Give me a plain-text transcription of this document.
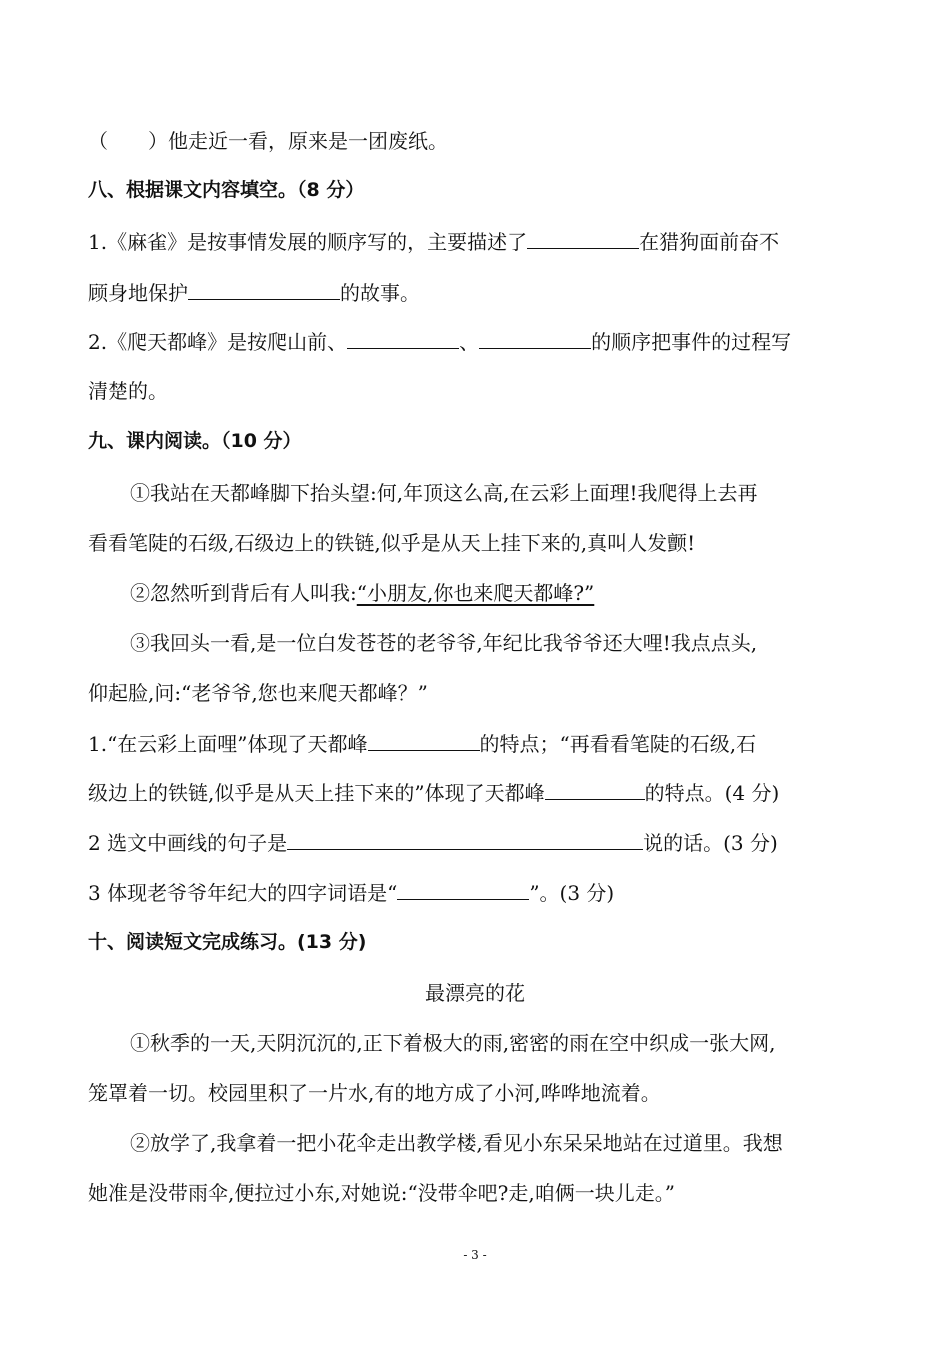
（　　）他走近一看，原来是一团废纸。
八、根据课文内容填空。（8 分）
1.《麻雀》是按事情发展的顺序写的，主要描述了	在猎狗面前奋不
顾身地保护	的故事。
2.《爬天都峰》是按爬山前、	、	的顺序把事件的过程写
清楚的。
九、课内阅读。（10 分）
①我站在天都峰脚下抬头望:何,年顶这么高,在云彩上面理!我爬得上去再
看看笔陡的石级,石级边上的铁链,似乎是从天上挂下来的,真叫人发颤!
②忽然听到背后有人叫我:“小朋友,你也来爬天都峰?”
③我回头一看,是一位白发苍苍的老爷爷,年纪比我爷爷还大哩!我点点头,
仰起脸,问:“老爷爷,您也来爬天都峰？”
1.“在云彩上面哩”体现了天都峰	的特点；“再看看笔陡的石级,石
级边上的铁链,似乎是从天上挂下来的”体现了天都峰	的特点。(4 分)
2 选文中画线的句子是	说的话。(3 分)
3 体现老爷爷年纪大的四字词语是“	”。(3 分)
十、阅读短文完成练习。(13 分)
最漂亮的花
①秋季的一天,天阴沉沉的,正下着极大的雨,密密的雨在空中织成一张大网,
笼罩着一切。校园里积了一片水,有的地方成了小河,哗哗地流着。
②放学了,我拿着一把小花伞走出教学楼,看见小东呆呆地站在过道里。我想
她准是没带雨伞,便拉过小东,对她说:“没带伞吧?走,咱俩一块儿走。”
- 3 -
